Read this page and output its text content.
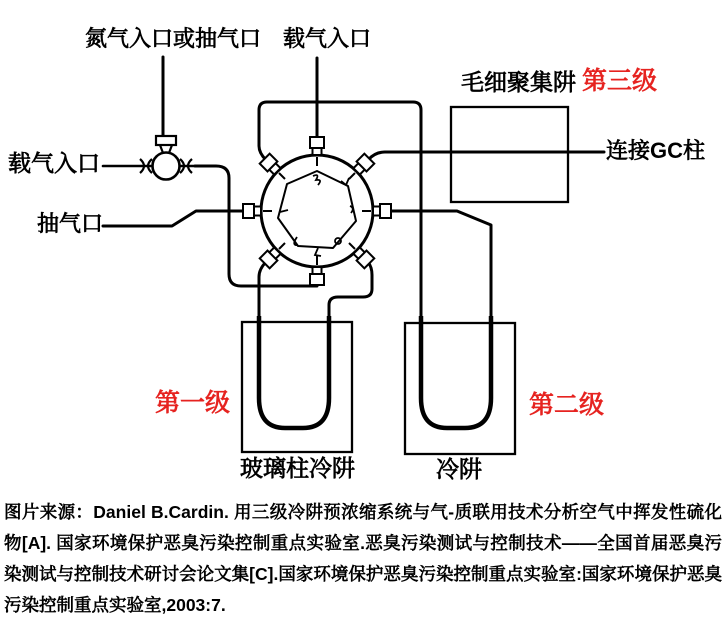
氮气入口或抽气口 载气入口
毛细聚集阱 第三级
连接GC柱
载气入口
抽气口
第一级	第二级
玻璃柱冷阱	冷阱

图片来源：Daniel B.Cardin. 用三级冷阱预浓缩系统与气-质联用技术分析空气中挥发性硫化物[A]. 国家环境保护恶臭污染控制重点实验室.恶臭污染测试与控制技术——全国首届恶臭污染测试与控制技术研讨会论文集[C].国家环境保护恶臭污染控制重点实验室:国家环境保护恶臭污染控制重点实验室,2003:7.
